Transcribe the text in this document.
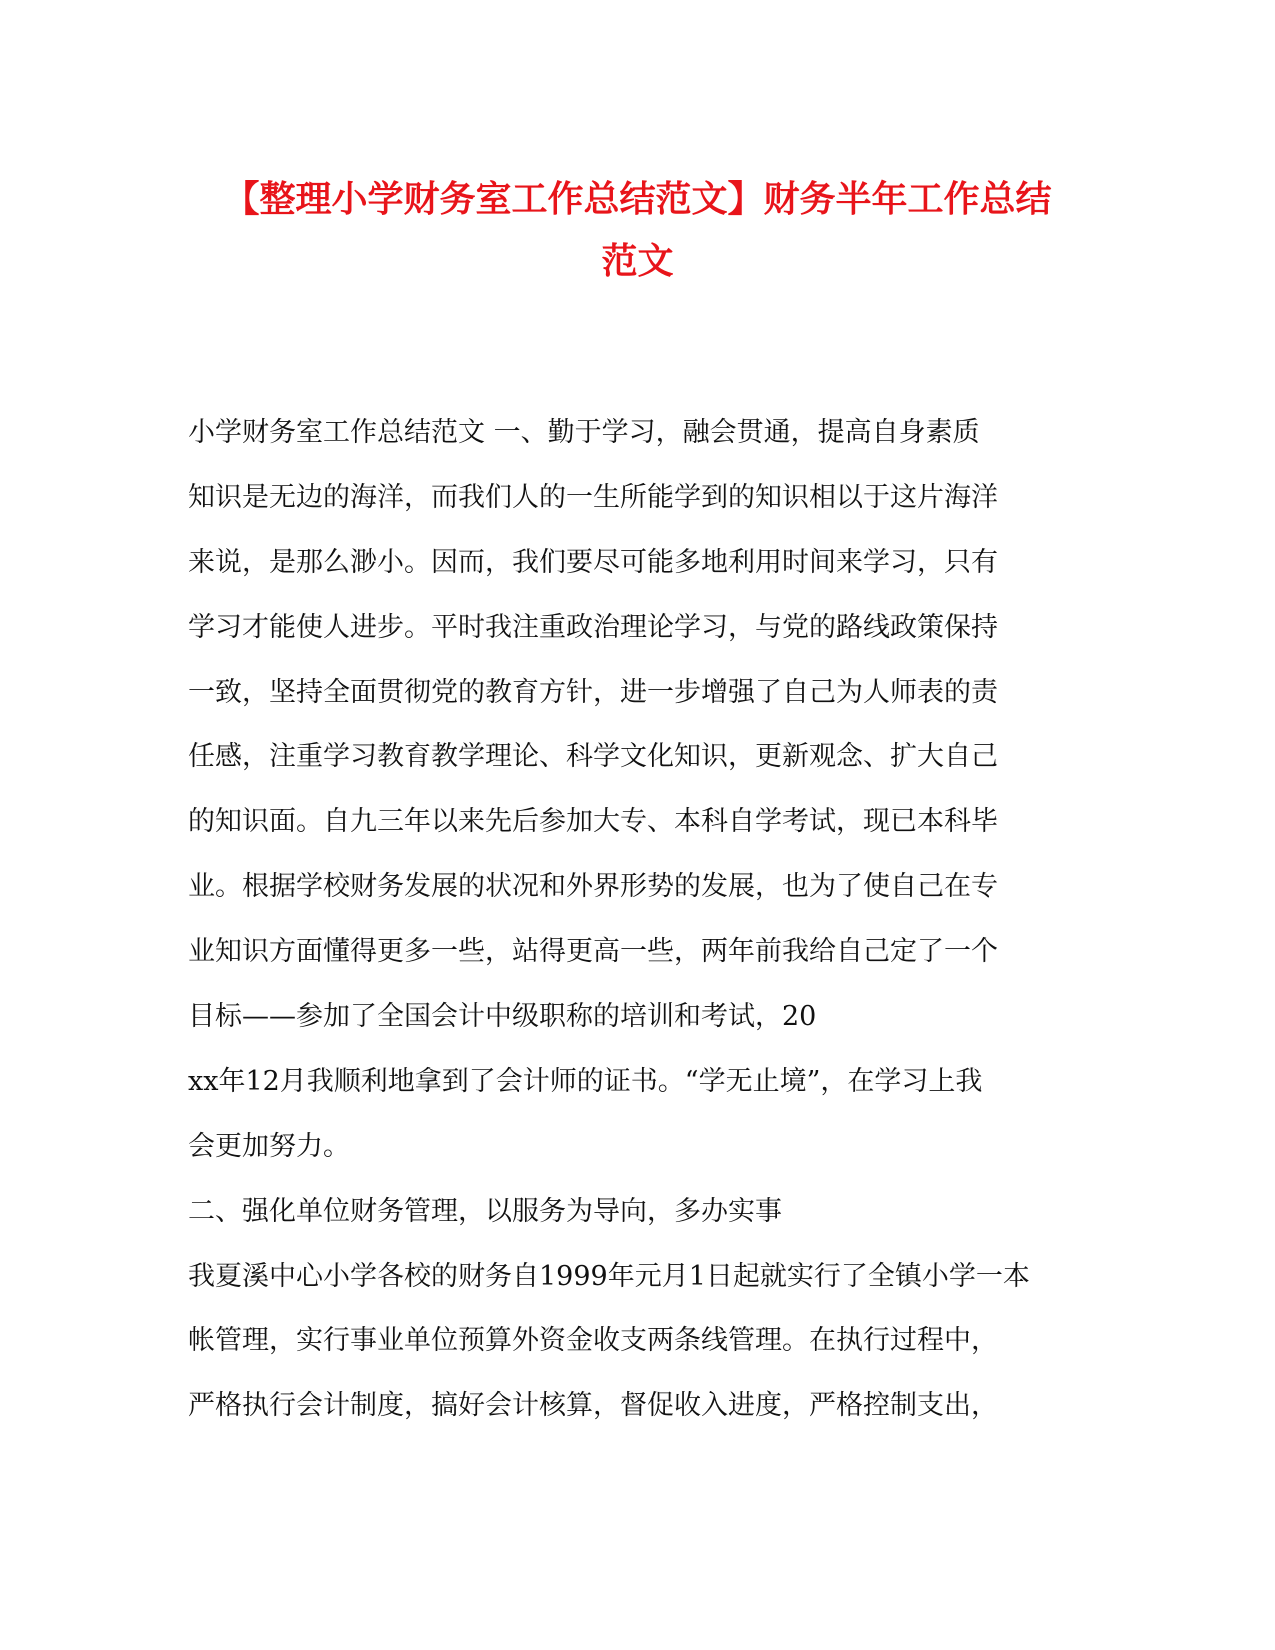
【整理小学财务室工作总结范文】财务半年工作总结
范文
小学财务室工作总结范文 一、勤于学习，融会贯通，提高自身素质
知识是无边的海洋，而我们人的一生所能学到的知识相以于这片海洋
来说，是那么渺小。因而，我们要尽可能多地利用时间来学习，只有
学习才能使人进步。平时我注重政治理论学习，与党的路线政策保持
一致，坚持全面贯彻党的教育方针，进一步增强了自己为人师表的责
任感，注重学习教育教学理论、科学文化知识，更新观念、扩大自己
的知识面。自九三年以来先后参加大专、本科自学考试，现已本科毕
业。根据学校财务发展的状况和外界形势的发展，也为了使自己在专
业知识方面懂得更多一些，站得更高一些，两年前我给自己定了一个
目标——参加了全国会计中级职称的培训和考试，20
xx年12月我顺利地拿到了会计师的证书。“学无止境”，在学习上我
会更加努力。
二、强化单位财务管理，以服务为导向，多办实事
我夏溪中心小学各校的财务自1999年元月1日起就实行了全镇小学一本
帐管理，实行事业单位预算外资金收支两条线管理。在执行过程中，
严格执行会计制度，搞好会计核算，督促收入进度，严格控制支出，
